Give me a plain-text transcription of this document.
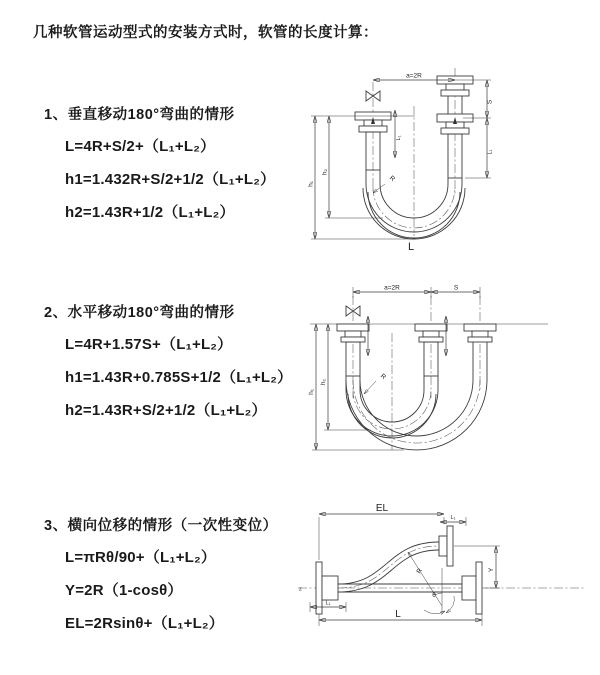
几种软管运动型式的安装方式时，软管的长度计算：
1、垂直移动180°弯曲的情形
L=4R+S/2+（L₁+L₂）
h1=1.432R+S/2+1/2（L₁+L₂）
h2=1.43R+1/2（L₁+L₂）
2、水平移动180°弯曲的情形
L=4R+1.57S+（L₁+L₂）
h1=1.43R+0.785S+1/2（L₁+L₂）
h2=1.43R+S/2+1/2（L₁+L₂）
3、横向位移的情形（一次性变位）
L=πRθ/90+（L₁+L₂）
Y=2R（1-cosθ）
EL=2Rsinθ+（L₁+L₂）
a=2R
S
L₁
L₁
h₁
h₂
R
L
a=2R	S
h₁
h₂
R
z
EL
L₁
Y
L
L₁
R
θ
